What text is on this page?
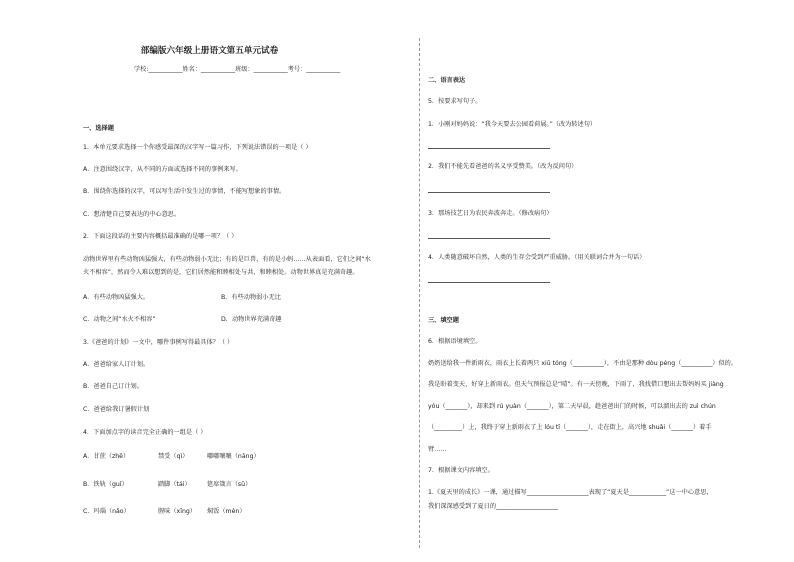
部编版六年级上册语文第五单元试卷
学校:___________姓名：___________班级：___________考号：___________
一、选择题
1．本单元要求选择一个你感受最深的汉字写一篇习作，下列说法错误的一项是（ ）
A．注意围绕汉字，从不同的方面或选择不同的事例来写。
B．围绕你选择的汉字，可以写生活中发生过的事情，不能写想象的事情。
C．想清楚自己要表达的中心意思。
2．下面这段话的主要内容概括最准确的是哪一项？（ ）
动物世界里有些动物凶猛强大，有些动物弱小无比；有的是巨兽，有的是小蚂……从表面看，它们之间“水
火不相容”，然而令人难以想到的是，它们居然能和睦相处与共，和睦相处。动物世界真是充满奇趣。
A．有些动物凶猛强大。	B．有些动物弱小无比
C．动物之间“水火不相容”	D．动物世界充满奇趣
3.《爸爸的计划》一文中，哪件事例写得最具体？（ ）
A．爸爸给家人订计划。
B．爸爸自己订计划。
C．爸爸给我订暑假计划
4．下面加点字的读音完全正确的一组是（ ）
A．甘蔗（zhě）	禁受（qì）	嘟嘟嚷嚷（nāng）
B．铁轨（guǐ）	踏脚（tái）	筵席箴言（sū）
C．玛瑙（nǎo）	腥味（xīng） 焖饭（mèn）
二、语言表达
5．按要求写句子。
1．小刚对妈妈说：“我今天要去公园看荷展。”（改为转述句）
2．我们不能先看爸爸的名义享受赞美。（改为反问句）
3．那场技艺日为农民奔波奔走。（修改病句）
4．人类随意破坏自然，人类的生存会受到严重威胁。（用关联词合并为一句话）
三、填空题
6．根据语境填空。
奶奶送给我一件新雨衣，雨衣上长着两只 xiū tóng（__________），不由是那种 dòu péng（__________）似的。
我是盼着变天，好穿上新雨衣。但天气预报总是“晴”。有一天傍晚，下雨了，我找借口想出去帮妈妈买 jiàng
yóu（_______），却来到 rú yuàn（_______），第二天早晨，趁爸爸出门的时候，可以溜出去的 zuì chún
（_________）上，我终于穿上新雨衣了上 lóu tī（_______），走在街上，高兴地 shuǎi（_______）着手
臂……
7．根据课文内容填空。
1.《夏天里的成长》一课，通过描写____________________表现了“夏天是____________”这一中心意思，
我们深深感受到了夏日的____________________
